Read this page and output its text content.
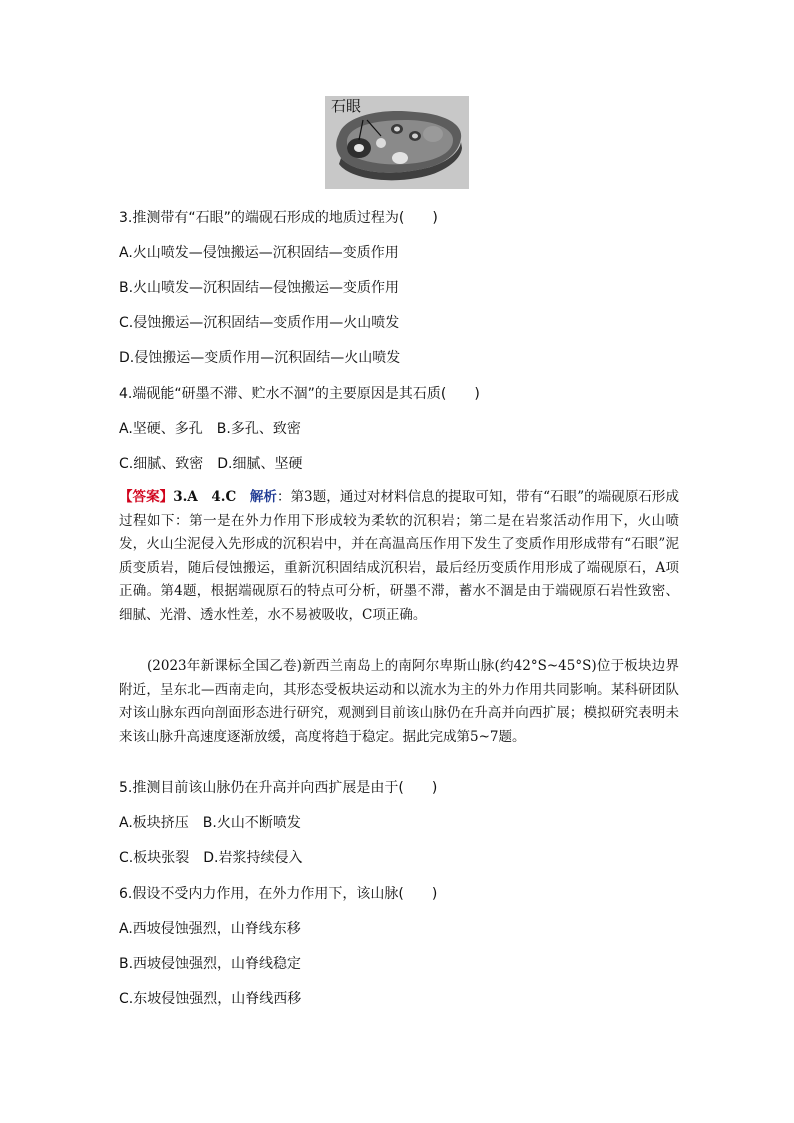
石眼
3.推测带有“石眼”的端砚石形成的地质过程为(　　)
A.火山喷发—侵蚀搬运—沉积固结—变质作用
B.火山喷发—沉积固结—侵蚀搬运—变质作用
C.侵蚀搬运—沉积固结—变质作用—火山喷发
D.侵蚀搬运—变质作用—沉积固结—火山喷发
4.端砚能“研墨不滞、贮水不涸”的主要原因是其石质(　　)
A.坚硬、多孔　B.多孔、致密
C.细腻、致密　D.细腻、坚硬
【答案】3.A　4.C　解析：第3题，通过对材料信息的提取可知，带有“石眼”的端砚原石形成过程如下：第一是在外力作用下形成较为柔软的沉积岩；第二是在岩浆活动作用下，火山喷发，火山尘泥侵入先形成的沉积岩中，并在高温高压作用下发生了变质作用形成带有“石眼”泥质变质岩，随后侵蚀搬运，重新沉积固结成沉积岩，最后经历变质作用形成了端砚原石，A项正确。第4题，根据端砚原石的特点可分析，研墨不滞，蓄水不涸是由于端砚原石岩性致密、细腻、光滑、透水性差，水不易被吸收，C项正确。
(2023年新课标全国乙卷)新西兰南岛上的南阿尔卑斯山脉(约42°S~45°S)位于板块边界附近，呈东北—西南走向，其形态受板块运动和以流水为主的外力作用共同影响。某科研团队对该山脉东西向剖面形态进行研究，观测到目前该山脉仍在升高并向西扩展；模拟研究表明未来该山脉升高速度逐渐放缓，高度将趋于稳定。据此完成第5~7题。
5.推测目前该山脉仍在升高并向西扩展是由于(　　)
A.板块挤压　B.火山不断喷发
C.板块张裂　D.岩浆持续侵入
6.假设不受内力作用，在外力作用下，该山脉(　　)
A.西坡侵蚀强烈，山脊线东移
B.西坡侵蚀强烈，山脊线稳定
C.东坡侵蚀强烈，山脊线西移
